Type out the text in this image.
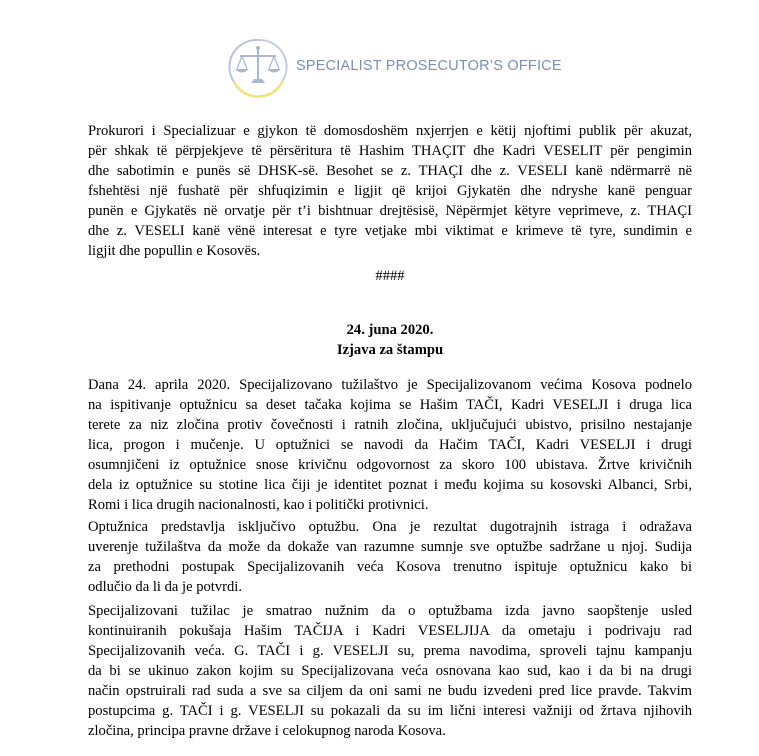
SPECIALIST PROSECUTOR’S OFFICE
Prokurori i Specializuar e gjykon të domosdoshëm nxjerrjen e këtij njoftimi publik për akuzat,
për shkak të përpjekjeve të përsëritura të Hashim THAÇIT dhe Kadri VESELIT për pengimin
dhe sabotimin e punës së DHSK-së. Besohet se z. THAÇI dhe z. VESELI kanë ndërmarrë në
fshehtësi një fushatë për shfuqizimin e ligjit që krijoi Gjykatën dhe ndryshe kanë penguar
punën e Gjykatës në orvatje për t’i bishtnuar drejtësisë, Nëpërmjet këtyre veprimeve, z. THAÇI
dhe z. VESELI kanë vënë interesat e tyre vetjake mbi viktimat e krimeve të tyre, sundimin e
ligjit dhe popullin e Kosovës.
####
24. juna 2020.
Izjava za štampu
Dana 24. aprila 2020. Specijalizovano tužilaštvo je Specijalizovanom većima Kosova podnelo
na ispitivanje optužnicu sa deset tačaka kojima se Hašim TAČI, Kadri VESELJI i druga lica
terete za niz zločina protiv čovečnosti i ratnih zločina, uključujući ubistvo, prisilno nestajanje
lica, progon i mučenje. U optužnici se navodi da Hačim TAČI, Kadri VESELJI i drugi
osumnjičeni iz optužnice snose krivičnu odgovornost za skoro 100 ubistava. Žrtve krivičnih
dela iz optužnice su stotine lica čiji je identitet poznat i među kojima su kosovski Albanci, Srbi,
Romi i lica drugih nacionalnosti, kao i politički protivnici.
Optužnica predstavlja isključivo optužbu. Ona je rezultat dugotrajnih istraga i odražava
uverenje tužilaštva da može da dokaže van razumne sumnje sve optužbe sadržane u njoj. Sudija
za prethodni postupak Specijalizovanih veća Kosova trenutno ispituje optužnicu kako bi
odlučio da li da je potvrdi.
Specijalizovani tužilac je smatrao nužnim da o optužbama izda javno saopštenje usled
kontinuiranih pokušaja Hašim TAČIJA i Kadri VESELJIJA da ometaju i podrivaju rad
Specijalizovanih veća. G. TAČI i g. VESELJI su, prema navodima, sproveli tajnu kampanju
da bi se ukinuo zakon kojim su Specijalizovana veća osnovana kao sud, kao i da bi na drugi
način opstruirali rad suda a sve sa ciljem da oni sami ne budu izvedeni pred lice pravde. Takvim
postupcima g. TAČI i g. VESELJI su pokazali da su im lični interesi važniji od žrtava njihovih
zločina, principa pravne države i celokupnog naroda Kosova.
